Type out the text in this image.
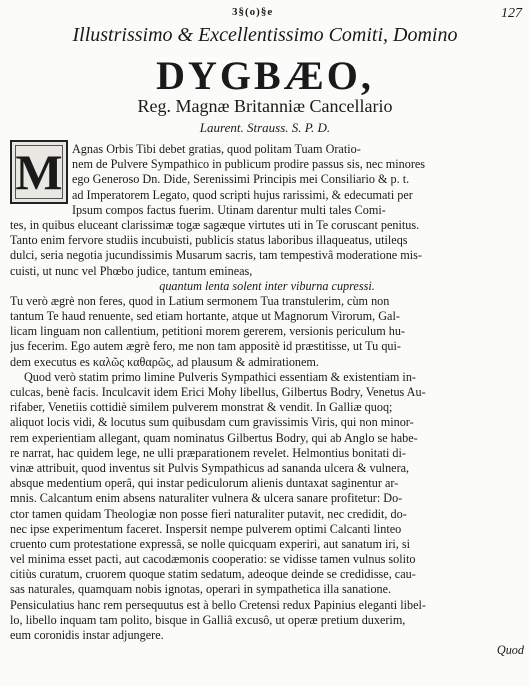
3§(o)§e	127
Illustrissimo & Excellentissimo Comiti, Domino
DYGBÆO,
Reg. Magnæ Britanniæ Cancellario
Laurent. Strauss. S. P. D.
M Agnas Orbis Tibi debet gratias, quod politam Tuam Oratio-
nem de Pulvere Sympathico in publicum prodire passus sis, nec minores
ego Generoso Dn. Dide, Serenissimi Principis mei Consiliario & p. t.
ad Imperatorem Legato, quod scripti hujus rarissimi, & edecumati per
Ipsum compos factus fuerim. Utinam darentur multi tales Comi-
tes, in quibus eluceant clarissimæ togæ sagæque virtutes uti in Te coruscant penitus.
Tanto enim fervore studiis incubuisti, publicis status laboribus illaqueatus, utileqs
dulci, seria negotia jucundissimis Musarum sacris, tam tempestivâ moderatione mis-
cuisti, ut nunc vel Phœbo judice, tantum emineas,
quantum lenta solent inter viburna cupressi.
Tu verò ægrè non feres, quod in Latium sermonem Tua transtulerim, cùm non
tantum Te haud renuente, sed etiam hortante, atque ut Magnorum Virorum, Gal-
licam linguam non callentium, petitioni morem gererem, versionis periculum hu-
jus fecerim. Ego autem ægrè fero, me non tam appositè id præstitisse, ut Tu qui-
dem executus es καλῶς καθαρῶς, ad plausum & admirationem.
Quod verò statim primo limine Pulveris Sympathici essentiam & existentiam in-
culcas, benè facis. Inculcavit idem Erici Mohy libellus, Gilbertus Bodry, Venetus Au-
rifaber, Venetiis cottidiè similem pulverem monstrat & vendit. In Galliæ quoq;
aliquot locis vidi, & locutus sum quibusdam cum gravissimis Viris, qui non minor-
rem experientiam allegant, quam nominatus Gilbertus Bodry, qui ab Anglo se habe-
re narrat, hac quidem lege, ne ulli præparationem revelet. Helmontius bonitati di-
vinæ attribuit, quod inventus sit Pulvis Sympathicus ad sananda ulcera & vulnera,
absque medentium operâ, qui instar pediculorum alienis duntaxat saginentur ar-
mnis. Calcantum enim absens naturaliter vulnera & ulcera sanare profitetur: Do-
ctor tamen quidam Theologiæ non posse fieri naturaliter putavit, nec credidit, do-
nec ipse experimentum faceret. Inspersit nempe pulverem optimi Calcanti linteo
cruento cum protestatione expressâ, se nolle quicquam experiri, aut sanatum iri, si
vel minima esset pacti, aut cacodæmonis cooperatio: se vidisse tamen vulnus solito
citiùs curatum, cruorem quoque statim sedatum, adeoque deinde se credidisse, cau-
sas naturales, quamquam nobis ignotas, operari in sympathetica illa sanatione.
Pensiculatius hanc rem persequutus est à bello Cretensi redux Papinius eleganti libel-
lo, libello inquam tam polito, bisque in Galliâ excusô, ut operæ pretium duxerim,
eum coronidis instar adjungere.
Quod
